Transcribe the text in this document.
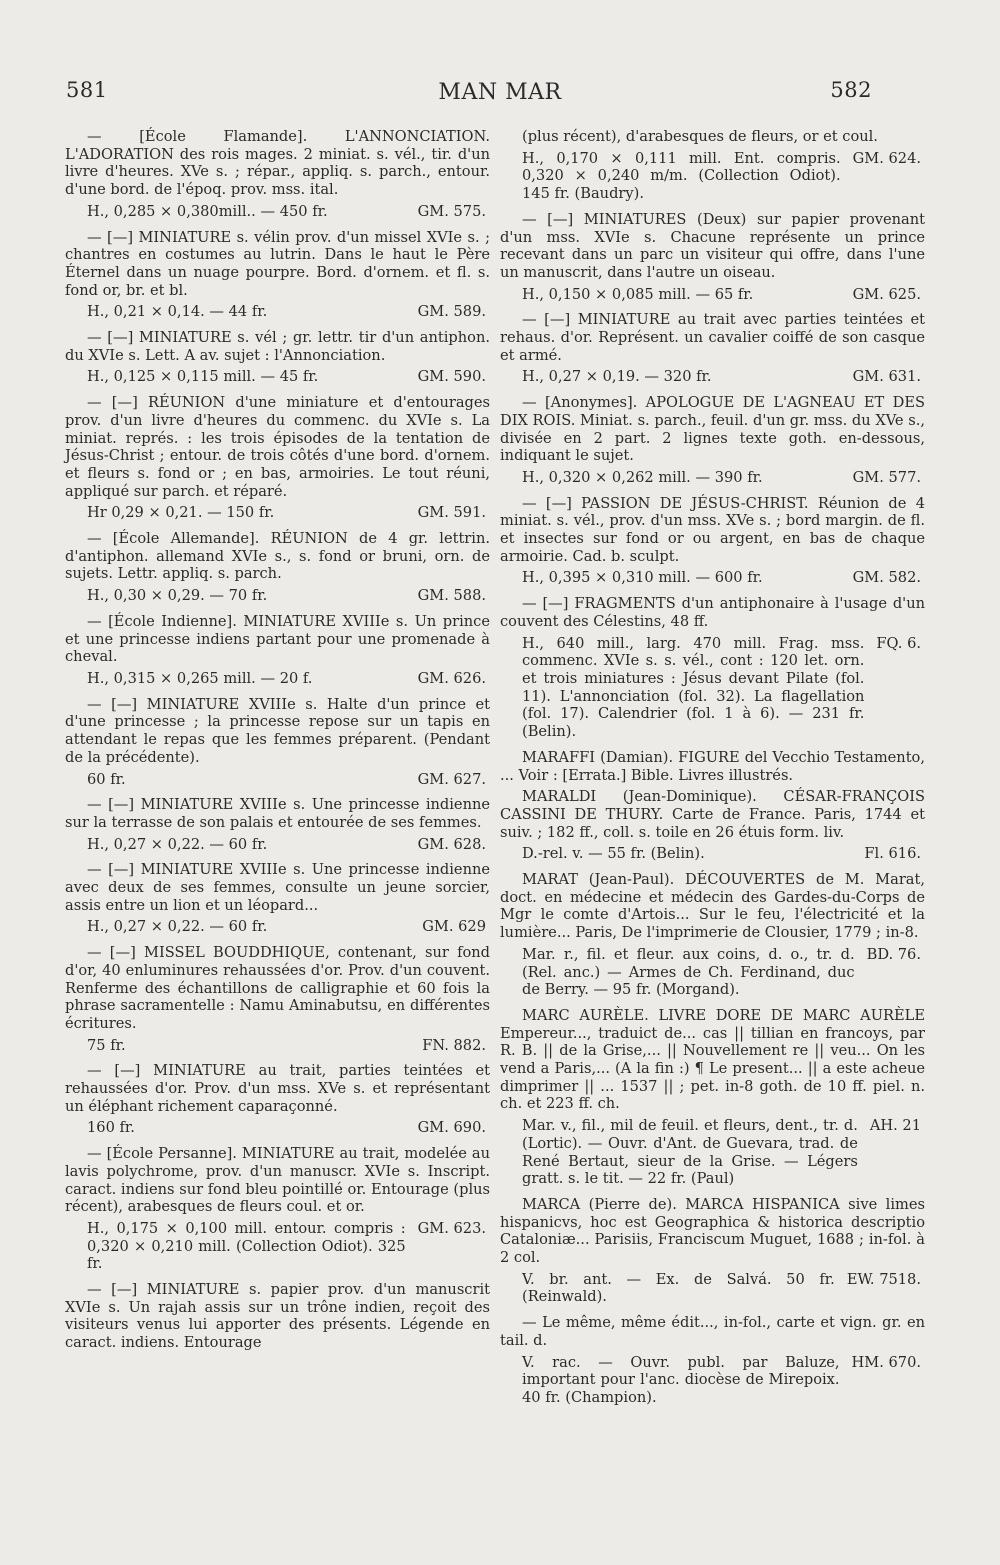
581	MAN MAR	582

— [École Flamande]. L'ANNONCIATION. L'ADORATION des rois mages. 2 miniat. s. vél., tir. d'un livre d'heures. XVe s. ; répar., appliq. s. parch., entour. d'une bord. de l'époq. prov. mss. ital.

H., 0,285 × 0,380mill.. — 450 fr.	GM. 575.

— [—] MINIATURE s. vélin prov. d'un missel XVIe s. ; chantres en costumes au lutrin. Dans le haut le Père Éternel dans un nuage pourpre. Bord. d'ornem. et fl. s. fond or, br. et bl.

H., 0,21 × 0,14. — 44 fr.	GM. 589.

— [—] MINIATURE s. vél ; gr. lettr. tir d'un antiphon. du XVIe s. Lett. A av. sujet : l'Annonciation.

H., 0,125 × 0,115 mill. — 45 fr.	GM. 590.

— [—] RÉUNION d'une miniature et d'entourages prov. d'un livre d'heures du commenc. du XVIe s. La miniat. représ. : les trois épisodes de la tentation de Jésus-Christ ; entour. de trois côtés d'une bord. d'ornem. et fleurs s. fond or ; en bas, armoiries. Le tout réuni, appliqué sur parch. et réparé.

Hr 0,29 × 0,21. — 150 fr.	GM. 591.

— [École Allemande]. RÉUNION de 4 gr. lettrin. d'antiphon. allemand XVIe s., s. fond or bruni, orn. de sujets. Lettr. appliq. s. parch.

H., 0,30 × 0,29. — 70 fr.	GM. 588.

— [École Indienne]. MINIATURE XVIIIe s. Un prince et une princesse indiens partant pour une promenade à cheval.

H., 0,315 × 0,265 mill. — 20 f.	GM. 626.

— [—] MINIATURE XVIIIe s. Halte d'un prince et d'une princesse ; la princesse repose sur un tapis en attendant le repas que les femmes préparent. (Pendant de la précédente).

60 fr.	GM. 627.

— [—] MINIATURE XVIIIe s. Une princesse indienne sur la terrasse de son palais et entourée de ses femmes.

H., 0,27 × 0,22. — 60 fr.	GM. 628.

— [—] MINIATURE XVIIIe s. Une princesse indienne avec deux de ses femmes, consulte un jeune sorcier, assis entre un lion et un léopard...

H., 0,27 × 0,22. — 60 fr.	GM. 629

— [—] MISSEL BOUDDHIQUE, contenant, sur fond d'or, 40 enluminures rehaussées d'or. Prov. d'un couvent. Renferme des échantillons de calligraphie et 60 fois la phrase sacramentelle : Namu Aminabutsu, en différentes écritures.

75 fr.	FN. 882.

— [—] MINIATURE au trait, parties teintées et rehaussées d'or. Prov. d'un mss. XVe s. et représentant un éléphant richement caparaçonné.

160 fr.	GM. 690.

— [École Persanne]. MINIATURE au trait, modelée au lavis polychrome, prov. d'un manuscr. XVIe s. Inscript. caract. indiens sur fond bleu pointillé or. Entourage (plus récent), arabesques de fleurs coul. et or.

H., 0,175 × 0,100 mill. entour. compris : 0,320 × 0,210 mill. (Collection Odiot). 325 fr.
GM. 623.

— [—] MINIATURE s. papier prov. d'un manuscrit XVIe s. Un rajah assis sur un trône indien, reçoit des visiteurs venus lui apporter des présents. Légende en caract. indiens. Entourage

(plus récent), d'arabesques de fleurs, or et coul.

H., 0,170 × 0,111 mill. Ent. compris. 0,320 × 0,240 m/m. (Collection Odiot). 145 fr. (Baudry).
GM. 624.

— [—] MINIATURES (Deux) sur papier provenant d'un mss. XVIe s. Chacune représente un prince recevant dans un parc un visiteur qui offre, dans l'une un manuscrit, dans l'autre un oiseau.

H., 0,150 × 0,085 mill. — 65 fr.	GM. 625.

— [—] MINIATURE au trait avec parties teintées et rehaus. d'or. Représent. un cavalier coiffé de son casque et armé.

H., 0,27 × 0,19. — 320 fr.	GM. 631.

— [Anonymes]. APOLOGUE DE L'AGNEAU ET DES DIX ROIS. Miniat. s. parch., feuil. d'un gr. mss. du XVe s., divisée en 2 part. 2 lignes texte goth. en-dessous, indiquant le sujet.

H., 0,320 × 0,262 mill. — 390 fr.	GM. 577.

— [—] PASSION DE JÉSUS-CHRIST. Réunion de 4 miniat. s. vél., prov. d'un mss. XVe s. ; bord margin. de fl. et insectes sur fond or ou argent, en bas de chaque armoirie. Cad. b. sculpt.

H., 0,395 × 0,310 mill. — 600 fr.	GM. 582.

— [—] FRAGMENTS d'un antiphonaire à l'usage d'un couvent des Célestins, 48 ff.

H., 640 mill., larg. 470 mill. Frag. mss. commenc. XVIe s. s. vél., cont : 120 let. orn. et trois miniatures : Jésus devant Pilate (fol. 11). L'annonciation (fol. 32). La flagellation (fol. 17). Calendrier (fol. 1 à 6). — 231 fr. (Belin).
FQ. 6.

MARAFFI (Damian). FIGURE del Vecchio Testamento, ... Voir : [Errata.] Bible. Livres illustrés.

MARALDI (Jean-Dominique). CÉSAR-FRANÇOIS CASSINI DE THURY. Carte de France. Paris, 1744 et suiv. ; 182 ff., coll. s. toile en 26 étuis form. liv.

D.-rel. v. — 55 fr. (Belin).	Fl. 616.

MARAT (Jean-Paul). DÉCOUVERTES de M. Marat, doct. en médecine et médecin des Gardes-du-Corps de Mgr le comte d'Artois... Sur le feu, l'électricité et la lumière... Paris, De l'imprimerie de Clousier, 1779 ; in-8.

Mar. r., fil. et fleur. aux coins, d. o., tr. d. (Rel. anc.) — Armes de Ch. Ferdinand, duc de Berry. — 95 fr. (Morgand).
BD. 76.

MARC AURÈLE. LIVRE DORE DE MARC AURÈLE Empereur..., traduict de... cas || tillian en francoys, par R. B. || de la Grise,... || Nouvellement re || veu... On les vend a Paris,... (A la fin :) ¶ Le present... || a este acheue dimprimer || ... 1537 || ; pet. in-8 goth. de 10 ff. piel. n. ch. et 223 ff. ch.

Mar. v., fil., mil de feuil. et fleurs, dent., tr. d. (Lortic). — Ouvr. d'Ant. de Guevara, trad. de René Bertaut, sieur de la Grise. — Légers gratt. s. le tit. — 22 fr. (Paul)
AH. 21

MARCA (Pierre de). MARCA HISPANICA sive limes hispanicvs, hoc est Geographica & historica descriptio Cataloniæ... Parisiis, Franciscum Muguet, 1688 ; in-fol. à 2 col.

V. br. ant. — Ex. de Salvá. 50 fr. (Reinwald).
EW. 7518.

— Le même, même édit..., in-fol., carte et vign. gr. en tail. d.

V. rac. — Ouvr. publ. par Baluze, important pour l'anc. diocèse de Mirepoix. 40 fr. (Champion).
HM. 670.
